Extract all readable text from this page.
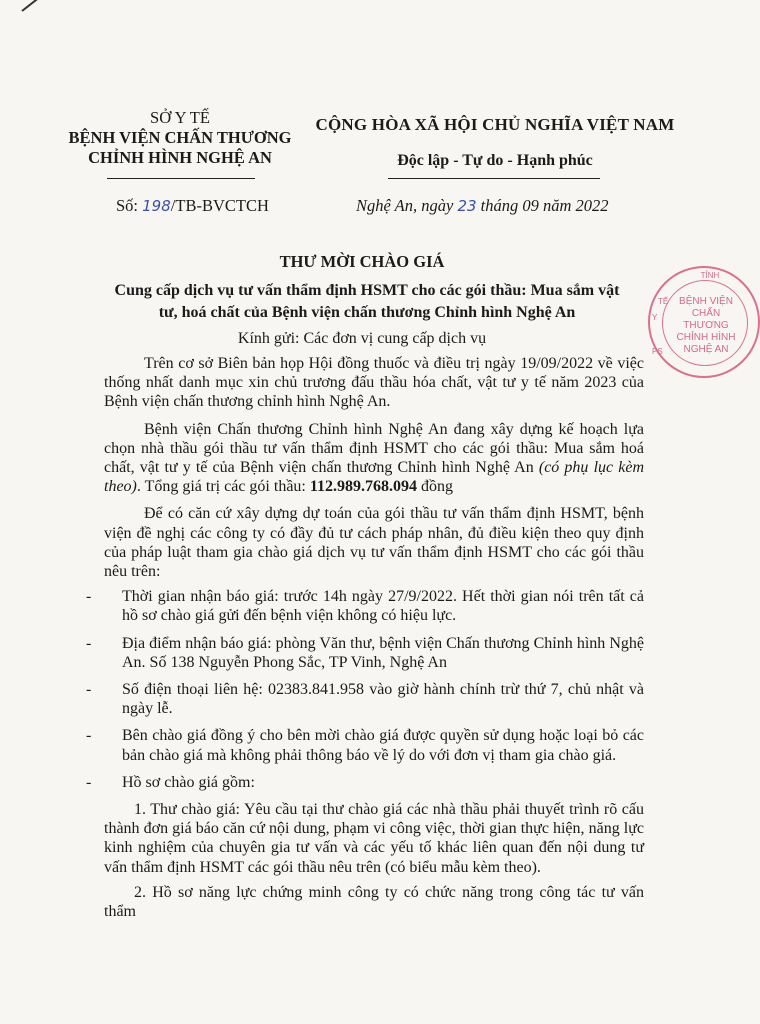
SỞ Y TẾ
BỆNH VIỆN CHẤN THƯƠNG
CHỈNH HÌNH NGHỆ AN
CỘNG HÒA XÃ HỘI CHỦ NGHĨA VIỆT NAM
Độc lập - Tự do - Hạnh phúc
Số: 198/TB-BVCTCH	Nghệ An, ngày 23 tháng 09 năm 2022
THƯ MỜI CHÀO GIÁ
Cung cấp dịch vụ tư vấn thẩm định HSMT cho các gói thầu: Mua sắm vật tư, hoá chất của Bệnh viện chấn thương Chỉnh hình Nghệ An
Kính gửi: Các đơn vị cung cấp dịch vụ

Trên cơ sở Biên bản họp Hội đồng thuốc và điều trị ngày 19/09/2022 về việc thống nhất danh mục xin chủ trương đấu thầu hóa chất, vật tư y tế năm 2023 của Bệnh viện chấn thương chỉnh hình Nghệ An.

Bệnh viện Chấn thương Chỉnh hình Nghệ An đang xây dựng kế hoạch lựa chọn nhà thầu gói thầu tư vấn thẩm định HSMT cho các gói thầu: Mua sắm hoá chất, vật tư y tế của Bệnh viện chấn thương Chỉnh hình Nghệ An (có phụ lục kèm theo). Tổng giá trị các gói thầu: 112.989.768.094 đồng

Để có căn cứ xây dựng dự toán của gói thầu tư vấn thẩm định HSMT, bệnh viện đề nghị các công ty có đầy đủ tư cách pháp nhân, đủ điều kiện theo quy định của pháp luật tham gia chào giá dịch vụ tư vấn thẩm định HSMT cho các gói thầu nêu trên:

- Thời gian nhận báo giá: trước 14h ngày 27/9/2022. Hết thời gian nói trên tất cả hồ sơ chào giá gửi đến bệnh viện không có hiệu lực.
- Địa điểm nhận báo giá: phòng Văn thư, bệnh viện Chấn thương Chỉnh hình Nghệ An. Số 138 Nguyễn Phong Sắc, TP Vinh, Nghệ An
- Số điện thoại liên hệ: 02383.841.958 vào giờ hành chính trừ thứ 7, chủ nhật và ngày lễ.
- Bên chào giá đồng ý cho bên mời chào giá được quyền sử dụng hoặc loại bỏ các bản chào giá mà không phải thông báo về lý do với đơn vị tham gia chào giá.
- Hồ sơ chào giá gồm:

1. Thư chào giá: Yêu cầu tại thư chào giá các nhà thầu phải thuyết trình rõ cấu thành đơn giá báo căn cứ nội dung, phạm vi công việc, thời gian thực hiện, năng lực kinh nghiệm của chuyên gia tư vấn và các yếu tố khác liên quan đến nội dung tư vấn thẩm định HSMT các gói thầu nêu trên (có biểu mẫu kèm theo).

2. Hồ sơ năng lực chứng minh công ty có chức năng trong công tác tư vấn thẩm

TỈNH
TẾ
Y
PS
BỆNH VIỆN
CHẤN THƯƠNG
CHỈNH HÌNH
NGHỆ AN
